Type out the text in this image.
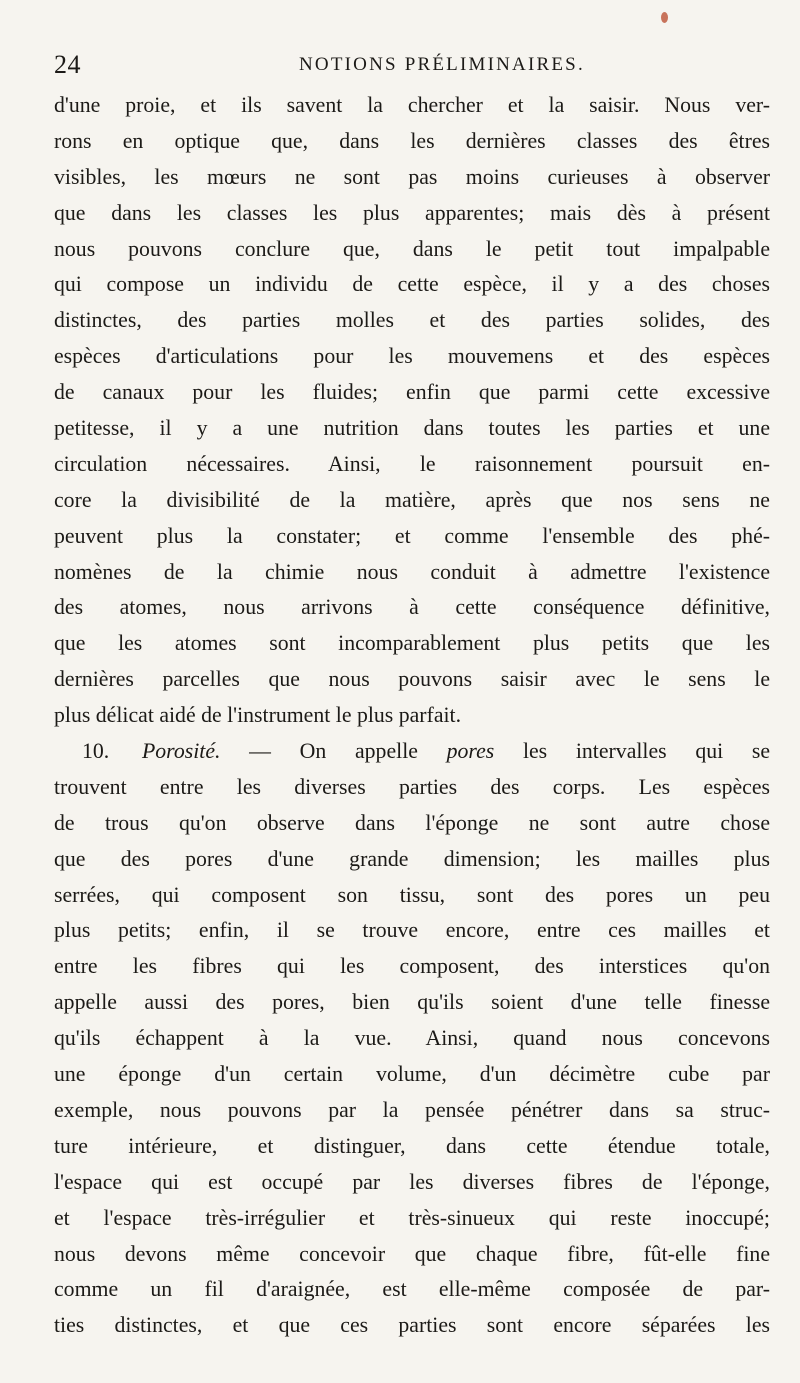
24	NOTIONS PRÉLIMINAIRES.
d'une proie, et ils savent la chercher et la saisir. Nous ver-
rons en optique que, dans les dernières classes des êtres
visibles, les mœurs ne sont pas moins curieuses à observer
que dans les classes les plus apparentes; mais dès à présent
nous pouvons conclure que, dans le petit tout impalpable
qui compose un individu de cette espèce, il y a des choses
distinctes, des parties molles et des parties solides, des
espèces d'articulations pour les mouvemens et des espèces
de canaux pour les fluides; enfin que parmi cette excessive
petitesse, il y a une nutrition dans toutes les parties et une
circulation nécessaires. Ainsi, le raisonnement poursuit en-
core la divisibilité de la matière, après que nos sens ne
peuvent plus la constater; et comme l'ensemble des phé-
nomènes de la chimie nous conduit à admettre l'existence
des atomes, nous arrivons à cette conséquence définitive,
que les atomes sont incomparablement plus petits que les
dernières parcelles que nous pouvons saisir avec le sens le
plus délicat aidé de l'instrument le plus parfait.
10. Porosité. — On appelle pores les intervalles qui se
trouvent entre les diverses parties des corps. Les espèces
de trous qu'on observe dans l'éponge ne sont autre chose
que des pores d'une grande dimension; les mailles plus
serrées, qui composent son tissu, sont des pores un peu
plus petits; enfin, il se trouve encore, entre ces mailles et
entre les fibres qui les composent, des interstices qu'on
appelle aussi des pores, bien qu'ils soient d'une telle finesse
qu'ils échappent à la vue. Ainsi, quand nous concevons
une éponge d'un certain volume, d'un décimètre cube par
exemple, nous pouvons par la pensée pénétrer dans sa struc-
ture intérieure, et distinguer, dans cette étendue totale,
l'espace qui est occupé par les diverses fibres de l'éponge,
et l'espace très-irrégulier et très-sinueux qui reste inoccupé;
nous devons même concevoir que chaque fibre, fût-elle fine
comme un fil d'araignée, est elle-même composée de par-
ties distinctes, et que ces parties sont encore séparées les
